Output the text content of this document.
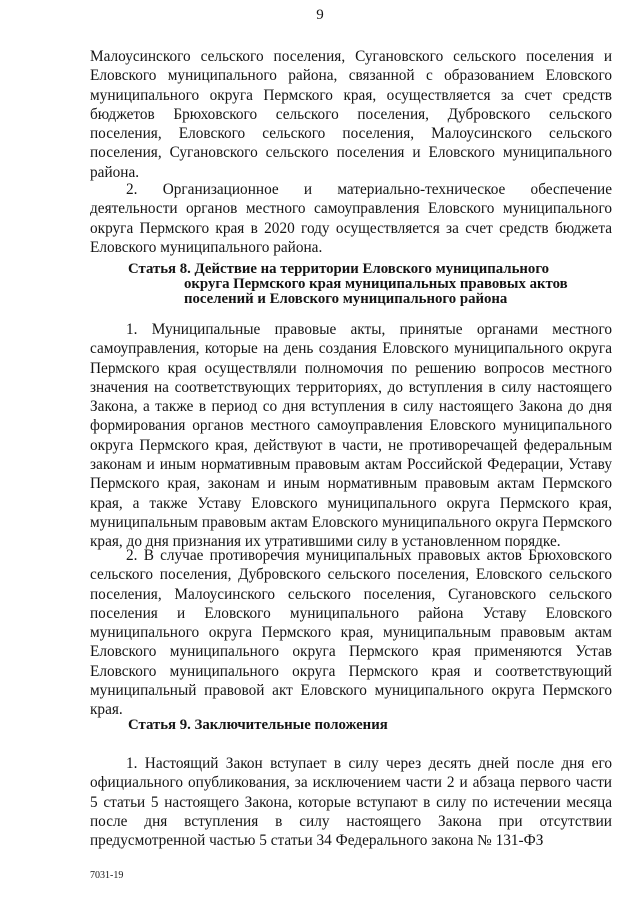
9

Малоусинского сельского поселения, Сугановского сельского поселения и Еловского муниципального района, связанной с образованием Еловского муниципального округа Пермского края, осуществляется за счет средств бюджетов Брюховского сельского поселения, Дубровского сельского поселения, Еловского сельского поселения, Малоусинского сельского поселения, Сугановского сельского поселения и Еловского муниципального района.

2. Организационное и материально-техническое обеспечение деятельности органов местного самоуправления Еловского муниципального округа Пермского края в 2020 году осуществляется за счет средств бюджета Еловского муниципального района.

Статья 8. Действие на территории Еловского муниципального
округа Пермского края муниципальных правовых актов
поселений и Еловского муниципального района

1. Муниципальные правовые акты, принятые органами местного самоуправления, которые на день создания Еловского муниципального округа Пермского края осуществляли полномочия по решению вопросов местного значения на соответствующих территориях, до вступления в силу настоящего Закона, а также в период со дня вступления в силу настоящего Закона до дня формирования органов местного самоуправления Еловского муниципального округа Пермского края, действуют в части, не противоречащей федеральным законам и иным нормативным правовым актам Российской Федерации, Уставу Пермского края, законам и иным нормативным правовым актам Пермского края, а также Уставу Еловского муниципального округа Пермского края, муниципальным правовым актам Еловского муниципального округа Пермского края, до дня признания их утратившими силу в установленном порядке.

2. В случае противоречия муниципальных правовых актов Брюховского сельского поселения, Дубровского сельского поселения, Еловского сельского поселения, Малоусинского сельского поселения, Сугановского сельского поселения и Еловского муниципального района Уставу Еловского муниципального округа Пермского края, муниципальным правовым актам Еловского муниципального округа Пермского края применяются Устав Еловского муниципального округа Пермского края и соответствующий муниципальный правовой акт Еловского муниципального округа Пермского края.

Статья 9. Заключительные положения

1. Настоящий Закон вступает в силу через десять дней после дня его официального опубликования, за исключением части 2 и абзаца первого части 5 статьи 5 настоящего Закона, которые вступают в силу по истечении месяца после дня вступления в силу настоящего Закона при отсутствии предусмотренной частью 5 статьи 34 Федерального закона № 131-ФЗ

7031-19
